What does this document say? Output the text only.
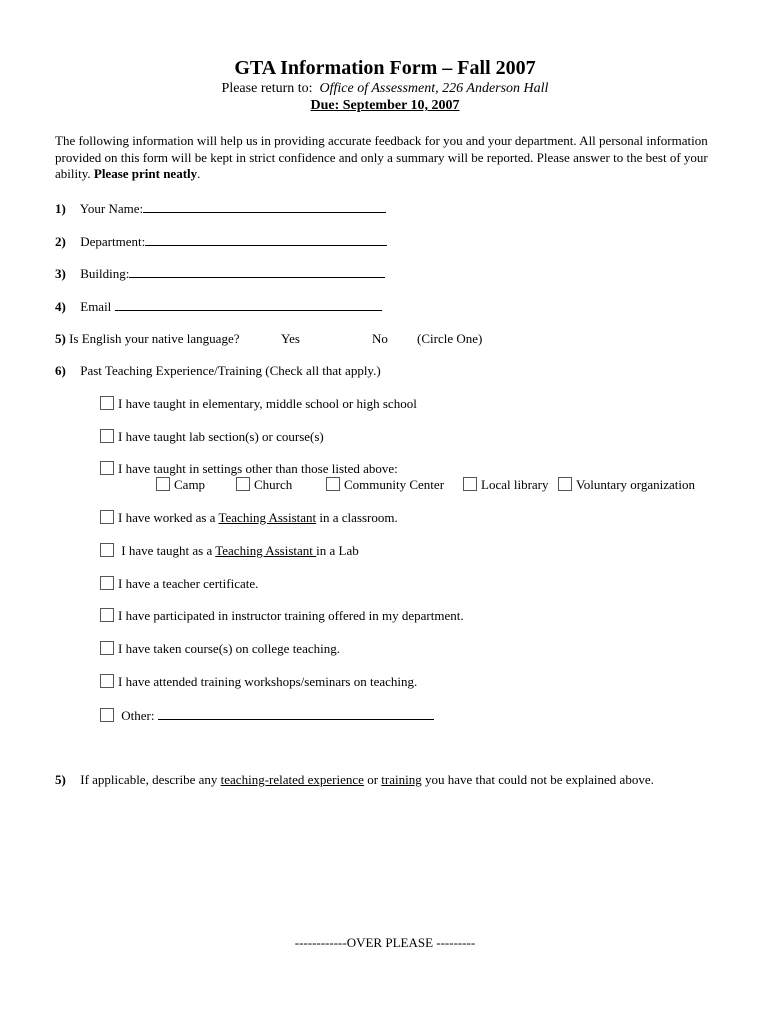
GTA Information Form – Fall 2007
Please return to: Office of Assessment, 226 Anderson Hall
Due: September 10, 2007
The following information will help us in providing accurate feedback for you and your department. All personal information provided on this form will be kept in strict confidence and only a summary will be reported. Please answer to the best of your ability. Please print neatly.
1) Your Name:
2) Department:
3) Building:
4) Email
5) Is English your native language?	Yes	No (Circle One)
6) Past Teaching Experience/Training (Check all that apply.)
I have taught in elementary, middle school or high school
I have taught lab section(s) or course(s)
I have taught in settings other than those listed above:
Camp	Church	Community Center	Local library	Voluntary organization
I have worked as a Teaching Assistant in a classroom.
I have taught as a Teaching Assistant in a Lab
I have a teacher certificate.
I have participated in instructor training offered in my department.
I have taken course(s) on college teaching.
I have attended training workshops/seminars on teaching.
Other:
5) If applicable, describe any teaching-related experience or training you have that could not be explained above.
------------OVER PLEASE ---------
